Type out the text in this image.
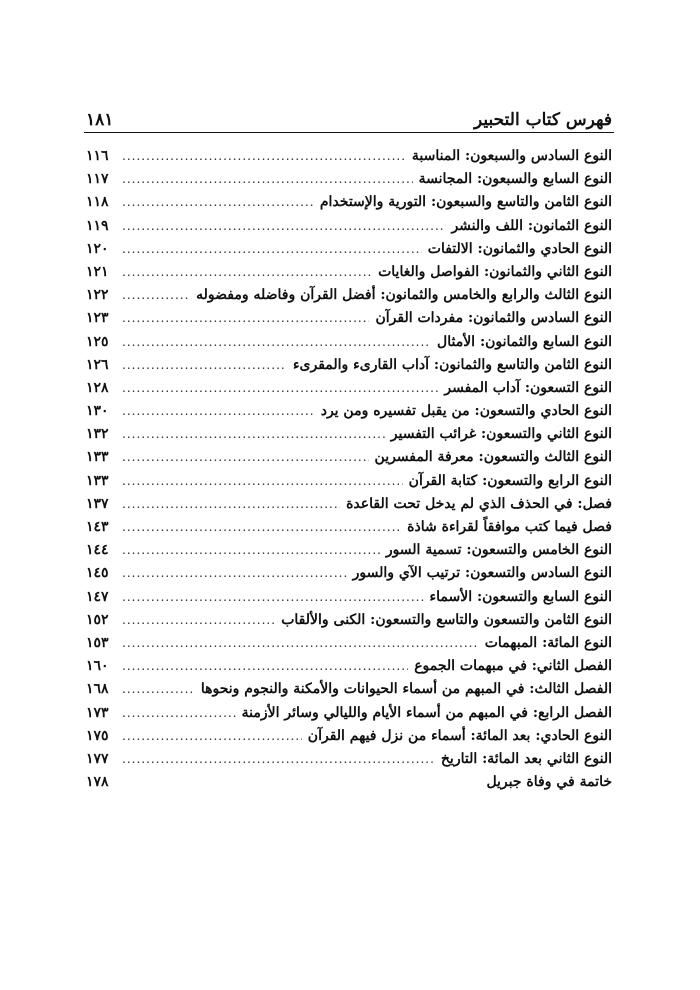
فهرس كتاب التحبير
١٨١
النوع السادس والسبعون: المناسبة
.....
١١٦
النوع السابع والسبعون: المجانسة
.....
١١٧
النوع الثامن والتاسع والسبعون: التورية والإستخدام
.....
١١٨
النوع الثمانون: اللف والنشر
.....
١١٩
النوع الحادي والثمانون: الالتفات
.....
١٢٠
النوع الثاني والثمانون: الفواصل والغايات
.....
١٢١
النوع الثالث والرابع والخامس والثمانون: أفضل القرآن وفاضله ومفضوله
.....
١٢٢
النوع السادس والثمانون: مفردات القرآن
.....
١٢٣
النوع السابع والثمانون: الأمثال
.....
١٢٥
النوع الثامن والتاسع والثمانون: آداب القارىء والمقرىء
.....
١٢٦
النوع التسعون: آداب المفسر
.....
١٢٨
النوع الحادي والتسعون: من يقبل تفسيره ومن يرد
.....
١٣٠
النوع الثاني والتسعون: غرائب التفسير
.....
١٣٢
النوع الثالث والتسعون: معرفة المفسرين
.....
١٣٣
النوع الرابع والتسعون: كتابة القرآن
.....
١٣٣
فصل: في الحذف الذي لم يدخل تحت القاعدة
.....
١٣٧
فصل فيما كتب موافقاً لقراءة شاذة
.....
١٤٣
النوع الخامس والتسعون: تسمية السور
.....
١٤٤
النوع السادس والتسعون: ترتيب الآي والسور
.....
١٤٥
النوع السابع والتسعون: الأسماء
.....
١٤٧
النوع الثامن والتسعون والتاسع والتسعون: الكنى والألقاب
.....
١٥٢
النوع المائة: المبهمات
.....
١٥٣
الفصل الثاني: في مبهمات الجموع
.....
١٦٠
الفصل الثالث: في المبهم من أسماء الحيوانات والأمكنة والنجوم ونحوها
.....
١٦٨
الفصل الرابع: في المبهم من أسماء الأيام والليالي وسائر الأزمنة
.....
١٧٣
النوع الحادي: بعد المائة: أسماء من نزل فيهم القرآن
.....
١٧٥
النوع الثاني بعد المائة: التاريخ
.....
١٧٧
خاتمة في وفاة جبريل
١٧٨
